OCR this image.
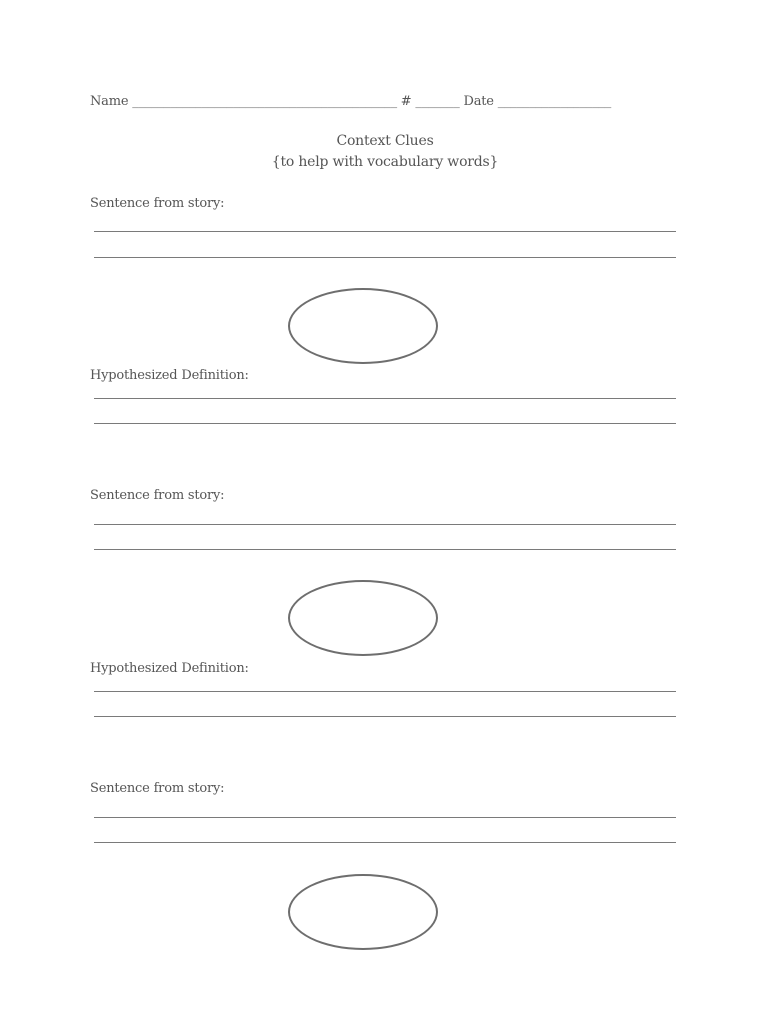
Name __________________________________________ # _______ Date __________________
Context Clues
{to help with vocabulary words}
Sentence from story:
Hypothesized Definition:
Sentence from story:
Hypothesized Definition:
Sentence from story:
